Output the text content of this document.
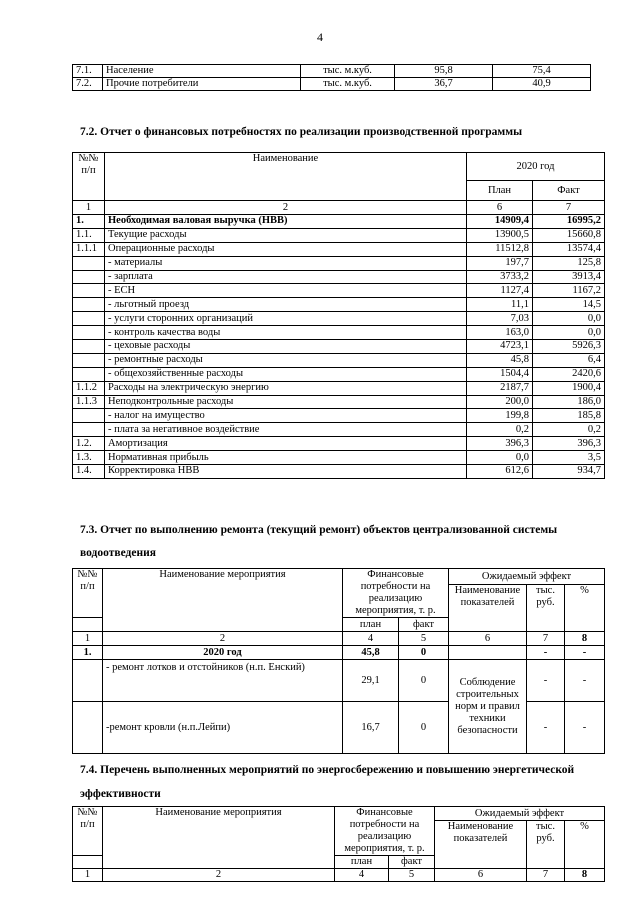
4
7.1.	Население	тыс. м.куб.	95,8	75,4
7.2.	Прочие потребители	тыс. м.куб.	36,7	40,9
7.2. Отчет о финансовых потребностях по реализации производственной программы
№№ п/п	Наименование	2020 год	
		План	Факт
1	2	6	7
1.	Необходимая валовая выручка (НВВ)	14909,4	16995,2
1.1.	Текущие расходы	13900,5	15660,8
1.1.1	Операционные расходы	11512,8	13574,4
	- материалы	197,7	125,8
	- зарплата	3733,2	3913,4
	- ЕСН	1127,4	1167,2
	- льготный проезд	11,1	14,5
	- услуги сторонних организаций	7,03	0,0
	- контроль качества воды	163,0	0,0
	- цеховые расходы	4723,1	5926,3
	- ремонтные расходы	45,8	6,4
	- общехозяйственные расходы	1504,4	2420,6
1.1.2	Расходы на электрическую энергию	2187,7	1900,4
1.1.3	Неподконтрольные расходы	200,0	186,0
	- налог на имущество	199,8	185,8
	- плата за негативное воздействие	0,2	0,2
1.2.	Амортизация	396,3	396,3
1.3.	Нормативная прибыль	0,0	3,5
1.4.	Корректировка НВВ	612,6	934,7
7.3. Отчет по выполнению ремонта (текущий ремонт) объектов централизованной системы
водоотведения
№№ п/п	Наименование мероприятия	Финансовые потребности на реализацию мероприятия, т. р.		Ожидаемый эффект		
				Наименование показателей	тыс. руб.	%
		план	факт			
1	2	4	5	6	7	8
1.	2020 год	45,8	0		-	-
	- ремонт лотков и отстойников (н.п. Енский)	29,1	0	Соблюдение строительных норм и правил техники безопасности	-	-
	-ремонт кровли (н.п.Лейпи)	16,7	0		-	-
7.4. Перечень выполненных мероприятий по энергосбережению и повышению энергетической
эффективности
№№ п/п	Наименование мероприятия	Финансовые потребности на реализацию мероприятия, т. р.		Ожидаемый эффект		
				Наименование показателей	тыс. руб.	%
		план	факт			
1	2	4	5	6	7	8
